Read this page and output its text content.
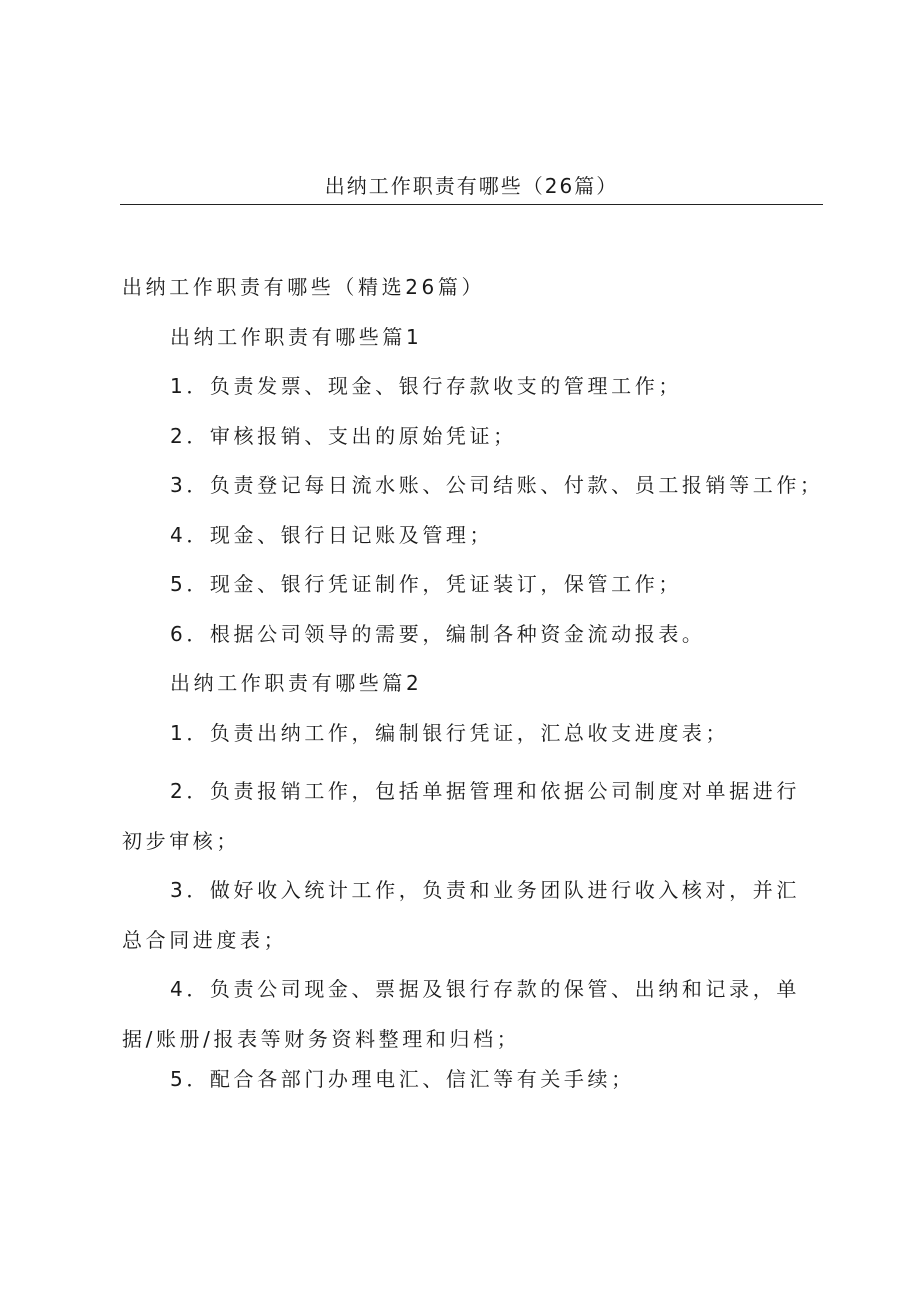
出纳工作职责有哪些（26篇）
出纳工作职责有哪些（精选26篇）
出纳工作职责有哪些篇1
1．负责发票、现金、银行存款收支的管理工作；
2．审核报销、支出的原始凭证；
3．负责登记每日流水账、公司结账、付款、员工报销等工作；
4．现金、银行日记账及管理；
5．现金、银行凭证制作，凭证装订，保管工作；
6．根据公司领导的需要，编制各种资金流动报表。
出纳工作职责有哪些篇2
1．负责出纳工作，编制银行凭证，汇总收支进度表；

2．负责报销工作，包括单据管理和依据公司制度对单据进行初步审核；

3．做好收入统计工作，负责和业务团队进行收入核对，并汇总合同进度表；

4．负责公司现金、票据及银行存款的保管、出纳和记录，单据/账册/报表等财务资料整理和归档；

5．配合各部门办理电汇、信汇等有关手续；
